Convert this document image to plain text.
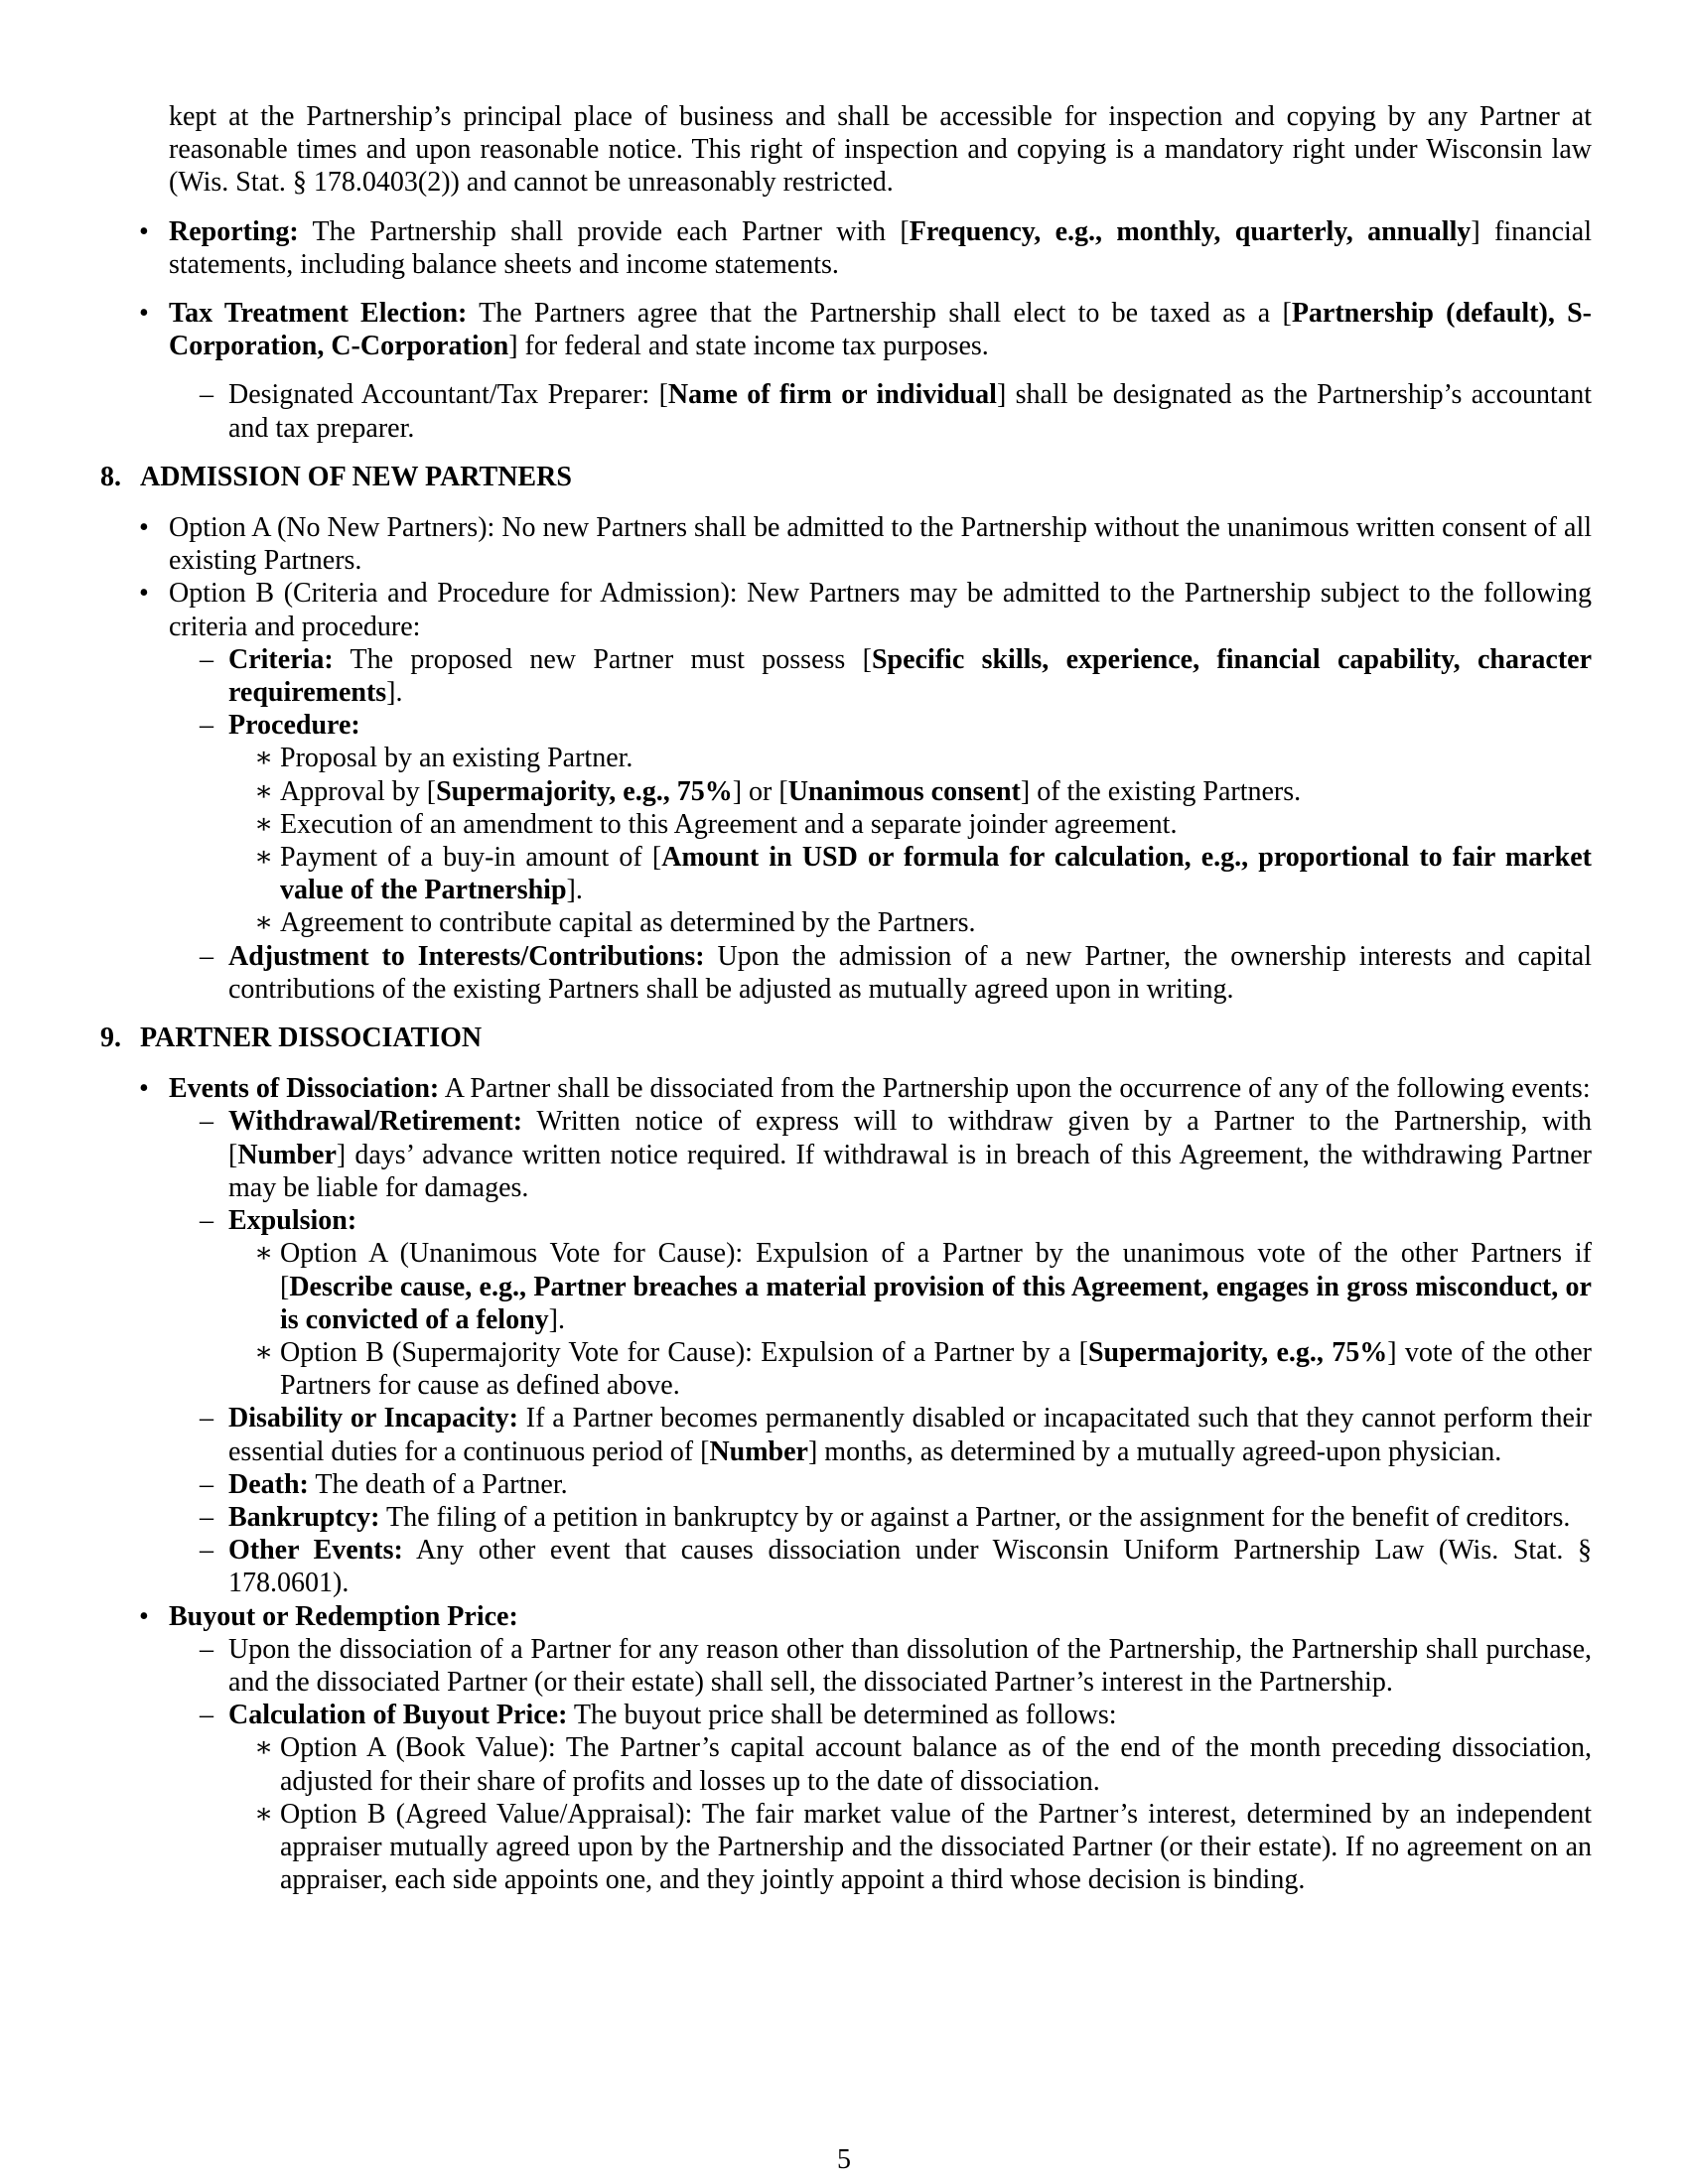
kept at the Partnership’s principal place of business and shall be accessible for inspection and copying by any Partner at reasonable times and upon reasonable notice. This right of inspection and copying is a mandatory right under Wisconsin law (Wis. Stat. § 178.0403(2)) and cannot be unreasonably restricted.
• Reporting: The Partnership shall provide each Partner with [Frequency, e.g., monthly, quarterly, annually] financial statements, including balance sheets and income statements.
• Tax Treatment Election: The Partners agree that the Partnership shall elect to be taxed as a [Partnership (default), S-Corporation, C-Corporation] for federal and state income tax purposes.
– Designated Accountant/Tax Preparer: [Name of firm or individual] shall be designated as the Partnership’s accountant and tax preparer.
8. ADMISSION OF NEW PARTNERS
• Option A (No New Partners): No new Partners shall be admitted to the Partnership without the unanimous written consent of all existing Partners.
• Option B (Criteria and Procedure for Admission): New Partners may be admitted to the Partnership subject to the following criteria and procedure:
– Criteria: The proposed new Partner must possess [Specific skills, experience, financial capability, character requirements].
– Procedure:
∗ Proposal by an existing Partner.
∗ Approval by [Supermajority, e.g., 75%] or [Unanimous consent] of the existing Partners.
∗ Execution of an amendment to this Agreement and a separate joinder agreement.
∗ Payment of a buy-in amount of [Amount in USD or formula for calculation, e.g., proportional to fair market value of the Partnership].
∗ Agreement to contribute capital as determined by the Partners.
– Adjustment to Interests/Contributions: Upon the admission of a new Partner, the ownership interests and capital contributions of the existing Partners shall be adjusted as mutually agreed upon in writing.
9. PARTNER DISSOCIATION
• Events of Dissociation: A Partner shall be dissociated from the Partnership upon the occurrence of any of the following events:
– Withdrawal/Retirement: Written notice of express will to withdraw given by a Partner to the Partnership, with [Number] days’ advance written notice required. If withdrawal is in breach of this Agreement, the withdrawing Partner may be liable for damages.
– Expulsion:
∗ Option A (Unanimous Vote for Cause): Expulsion of a Partner by the unanimous vote of the other Partners if [Describe cause, e.g., Partner breaches a material provision of this Agreement, engages in gross misconduct, or is convicted of a felony].
∗ Option B (Supermajority Vote for Cause): Expulsion of a Partner by a [Supermajority, e.g., 75%] vote of the other Partners for cause as defined above.
– Disability or Incapacity: If a Partner becomes permanently disabled or incapacitated such that they cannot perform their essential duties for a continuous period of [Number] months, as determined by a mutually agreed-upon physician.
– Death: The death of a Partner.
– Bankruptcy: The filing of a petition in bankruptcy by or against a Partner, or the assignment for the benefit of creditors.
– Other Events: Any other event that causes dissociation under Wisconsin Uniform Partnership Law (Wis. Stat. § 178.0601).
• Buyout or Redemption Price:
– Upon the dissociation of a Partner for any reason other than dissolution of the Partnership, the Partnership shall purchase, and the dissociated Partner (or their estate) shall sell, the dissociated Partner’s interest in the Partnership.
– Calculation of Buyout Price: The buyout price shall be determined as follows:
∗ Option A (Book Value): The Partner’s capital account balance as of the end of the month preceding dissociation, adjusted for their share of profits and losses up to the date of dissociation.
∗ Option B (Agreed Value/Appraisal): The fair market value of the Partner’s interest, determined by an independent appraiser mutually agreed upon by the Partnership and the dissociated Partner (or their estate). If no agreement on an appraiser, each side appoints one, and they jointly appoint a third whose decision is binding.
5
